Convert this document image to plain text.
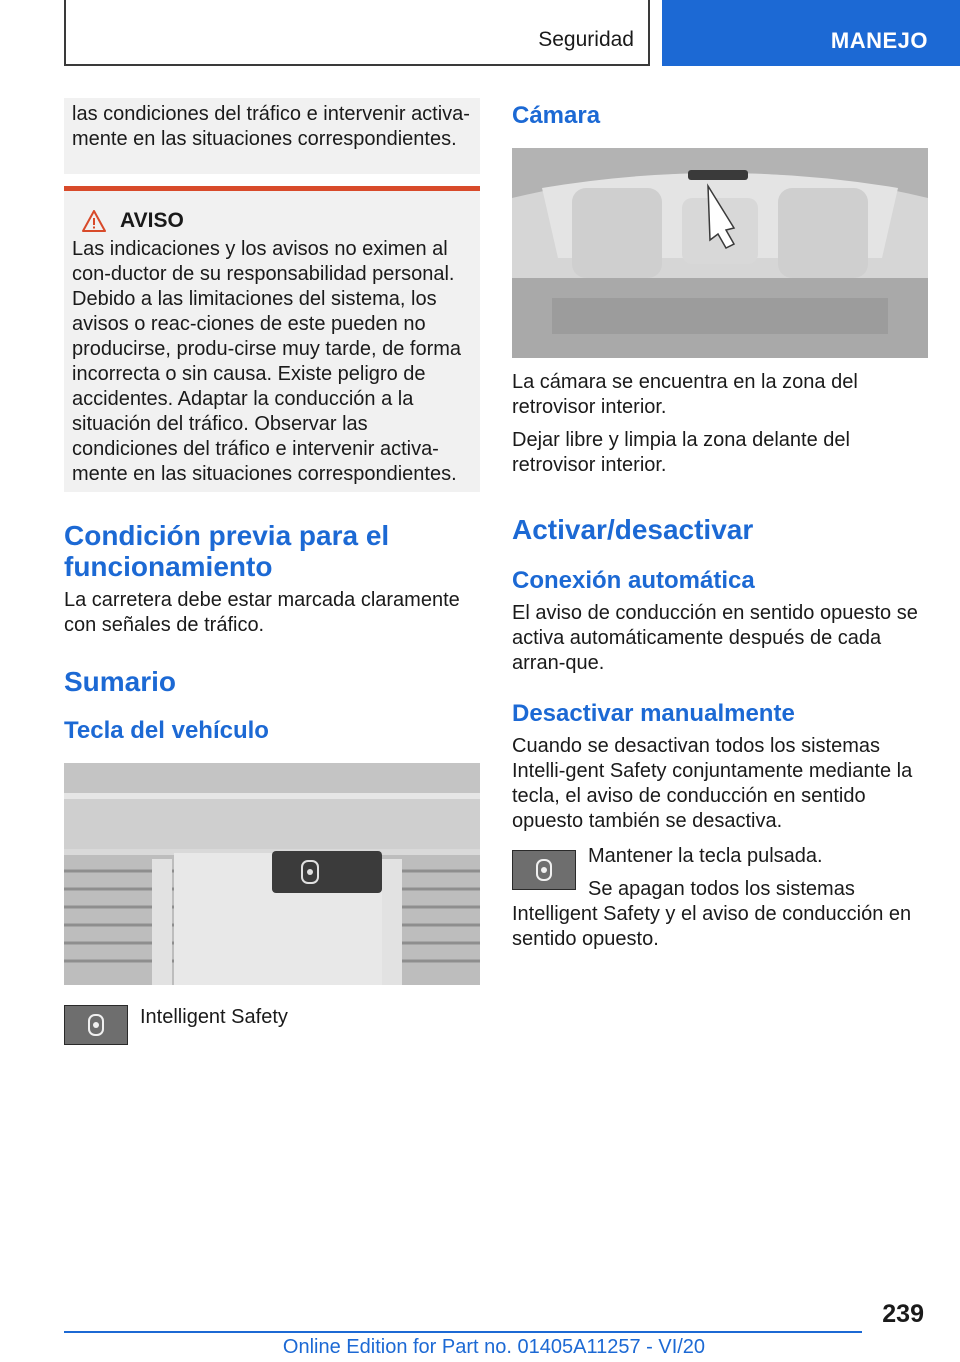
Seguridad	MANEJO

las condiciones del tráfico e intervenir activa-mente en las situaciones correspondientes.

AVISO

Las indicaciones y los avisos no eximen al con-ductor de su responsabilidad personal. Debido a las limitaciones del sistema, los avisos o reac-ciones de este pueden no producirse, produ-cirse muy tarde, de forma incorrecta o sin causa. Existe peligro de accidentes. Adaptar la conducción a la situación del tráfico. Observar las condiciones del tráfico e intervenir activa-mente en las situaciones correspondientes.

Condición previa para el funcionamiento

La carretera debe estar marcada claramente con señales de tráfico.

Sumario
Tecla del vehículo
Intelligent Safety
Cámara

La cámara se encuentra en la zona del retrovisor interior.

Dejar libre y limpia la zona delante del retrovisor interior.

Activar/desactivar
Conexión automática

El aviso de conducción en sentido opuesto se activa automáticamente después de cada arran-que.

Desactivar manualmente

Cuando se desactivan todos los sistemas Intelli-gent Safety conjuntamente mediante la tecla, el aviso de conducción en sentido opuesto también se desactiva.

Mantener la tecla pulsada.

Se apagan todos los sistemas Intelligent Safety y el aviso de conducción en sentido opuesto.

239
Online Edition for Part no. 01405A11257 - VI/20
